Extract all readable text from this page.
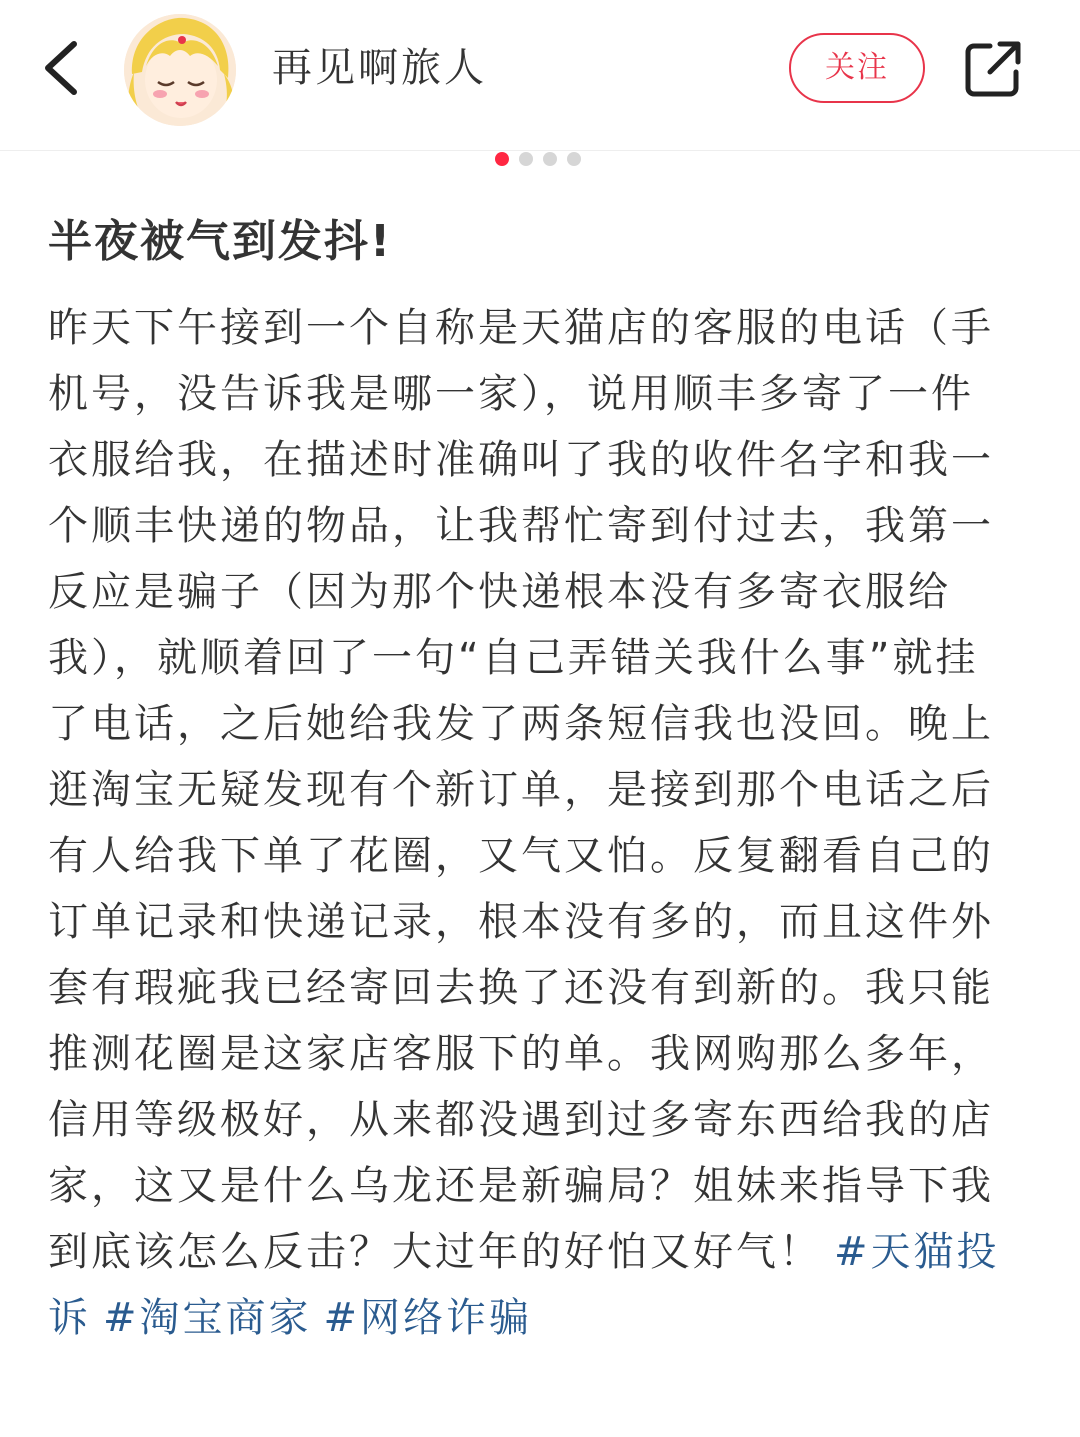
再见啊旅人	关注
半夜被气到发抖!
昨天下午接到一个自称是天猫店的客服的电话（手机号，没告诉我是哪一家），说用顺丰多寄了一件衣服给我，在描述时准确叫了我的收件名字和我一个顺丰快递的物品，让我帮忙寄到付过去，我第一反应是骗子（因为那个快递根本没有多寄衣服给我），就顺着回了一句“自己弄错关我什么事”就挂了电话，之后她给我发了两条短信我也没回。晚上逛淘宝无疑发现有个新订单，是接到那个电话之后有人给我下单了花圈，又气又怕。反复翻看自己的订单记录和快递记录，根本没有多的，而且这件外套有瑕疵我已经寄回去换了还没有到新的。我只能推测花圈是这家店客服下的单。我网购那么多年，信用等级极好，从来都没遇到过多寄东西给我的店家，这又是什么乌龙还是新骗局？姐妹来指导下我到底该怎么反击？大过年的好怕又好气！ #天猫投诉 #淘宝商家 #网络诈骗
